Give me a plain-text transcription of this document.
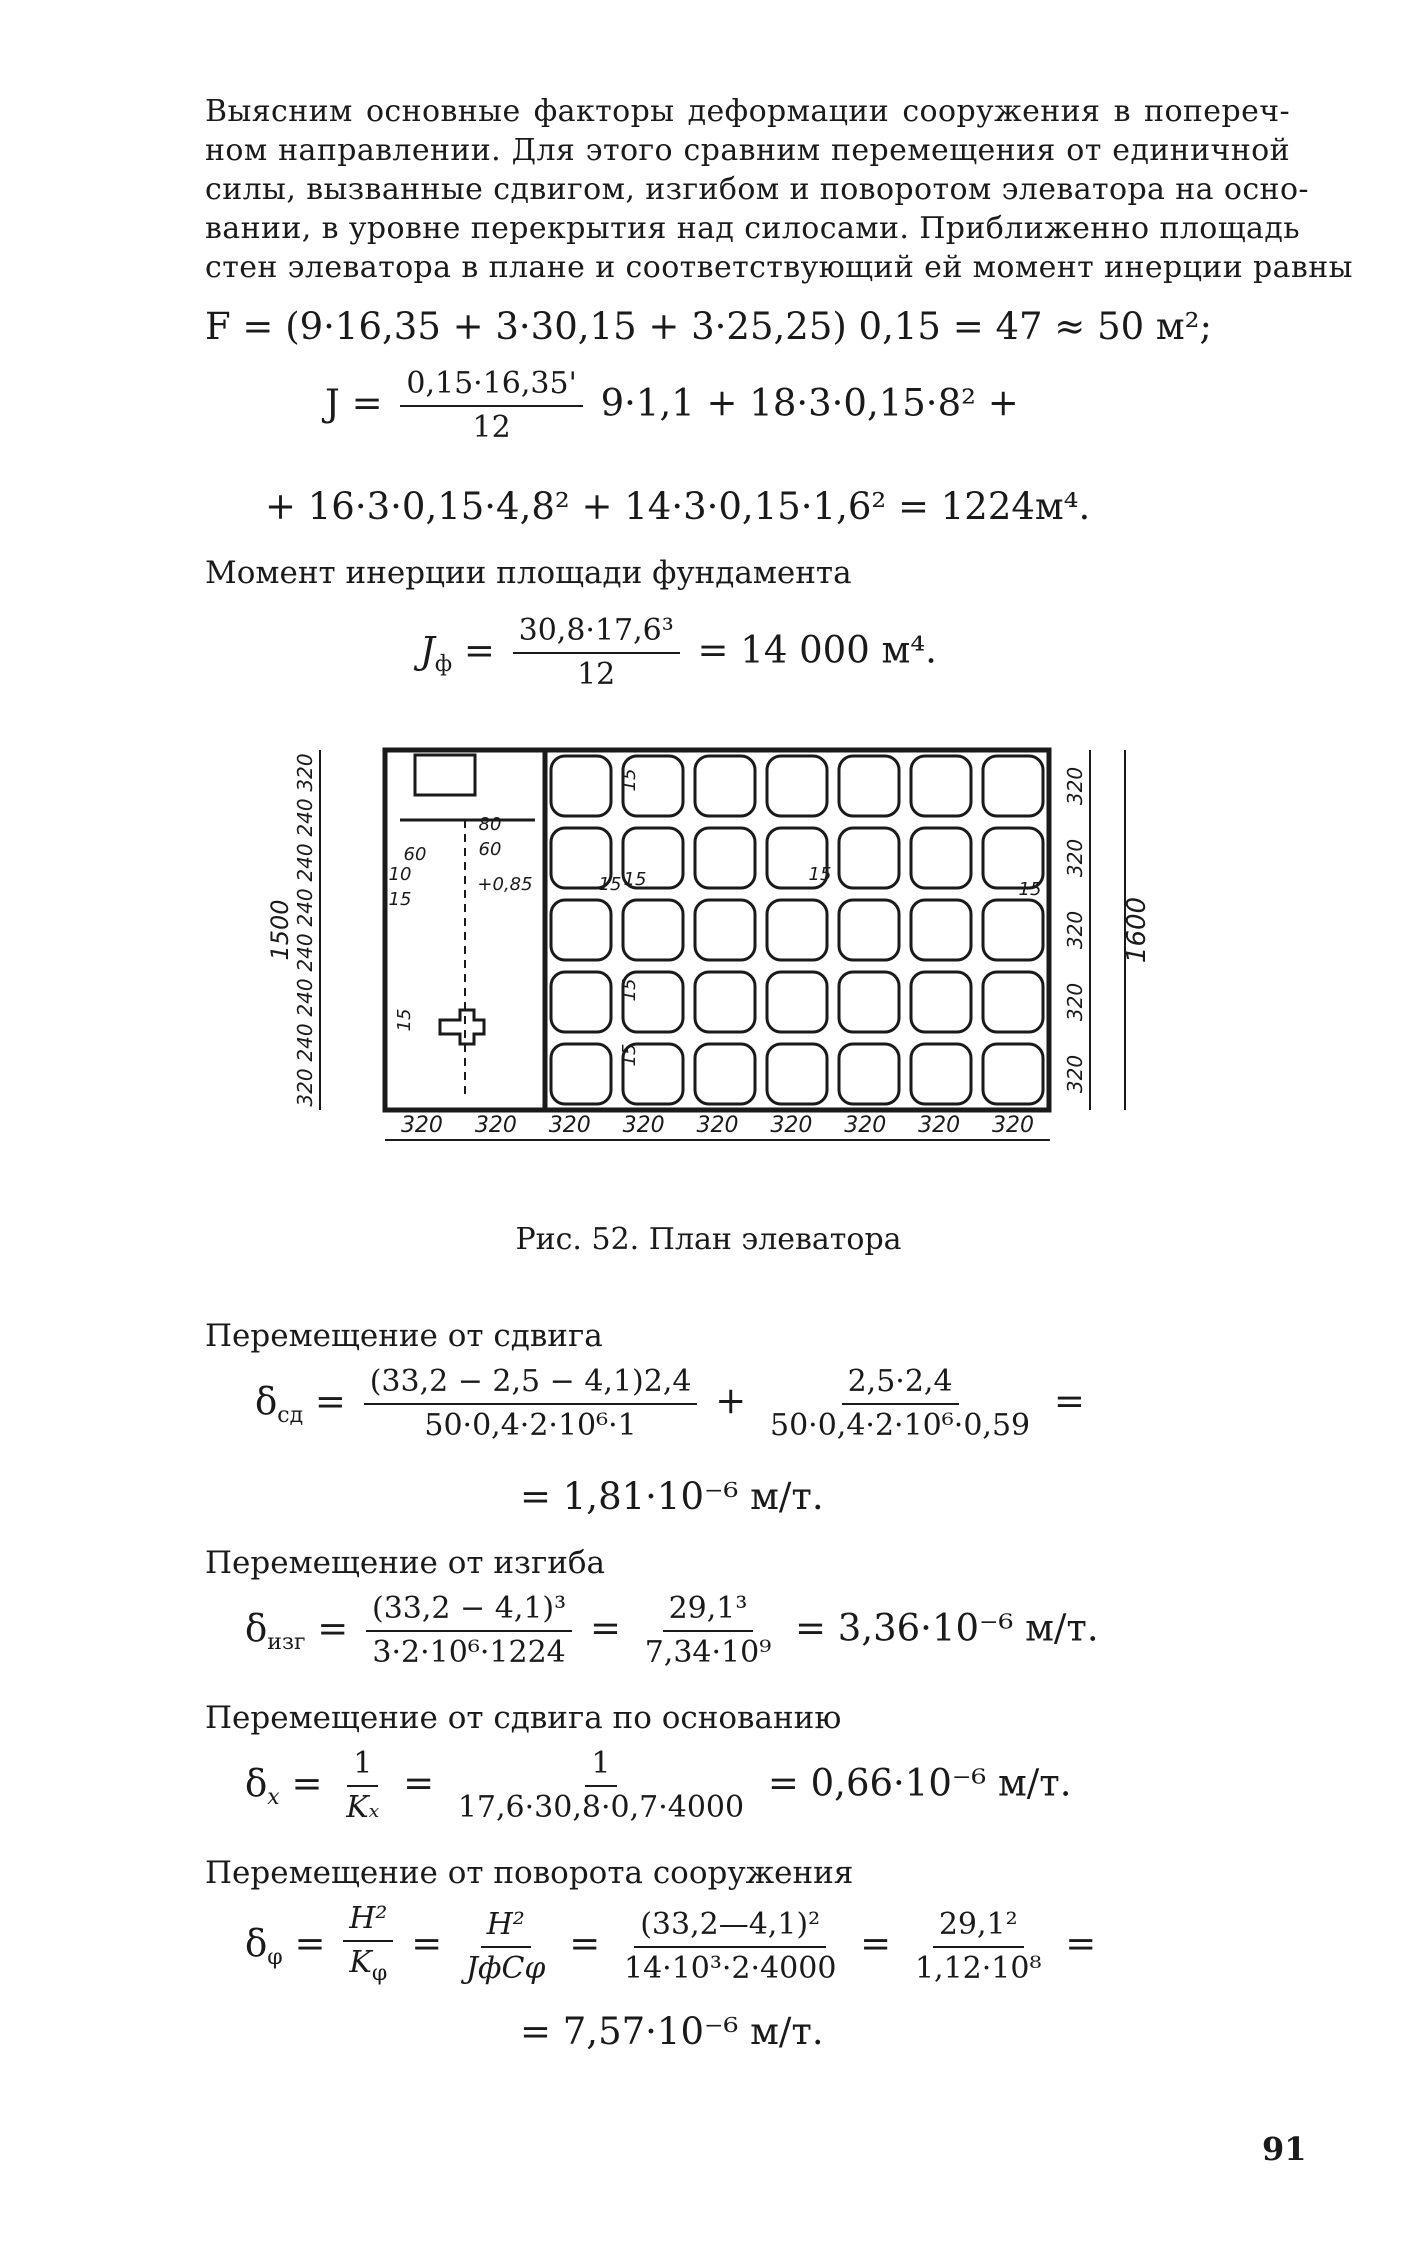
Выясним основные факторы деформации сооружения в попереч-
ном направлении. Для этого сравним перемещения от единичной
силы, вызванные сдвигом, изгибом и поворотом элеватора на осно-
вании, в уровне перекрытия над силосами. Приближенно площадь
стен элеватора в плане и соответствующий ей момент инерции равны
F = (9·16,35 + 3·30,15 + 3·25,25) 0,15 = 47 ≈ 50 м²;
$J = \frac{0,15\cdot 16,35'}{12} 9\cdot 1,1 + 18\cdot 3\cdot 0,15\cdot 8^2$ +
+ 16·3·0,15·4,8² + 14·3·0,15·1,6² = 1224м⁴.
Момент инерции площади фундамента
$J_ф = \frac{\text{30,8·17,6³}}{12} = 14$ 000 м⁴.
320 320 320 320 320 320 320 320 320
320
240
240
240
240
240
240
320
320
320
320
320
320
1500	1600
15
80
60	60
+0,85
10
15
15
15 15	15
15
15
15
Рис. 52. План элеватора
Перемещение от сдвига
$\delta_{сд} = \frac{(33,2 - 2,5 - 4,1)2,4}{\text{50·0,4·2·10⁶·1}} + \frac{2,5\cdot 2,4}{\text{50·0,4·2·10⁶·0,59}}$ =
= 1,81·10⁻⁶ м/т.
Перемещение от изгиба
$\delta_{изг} = \frac{\text{(33,2 − 4,1)³}}{\text{3·2·10⁶·1224}} = \frac{\text{29,1³}}{\text{7,34·10⁹}} = 3,36\cdot 10^{-6}$ м/т.
Перемещение от сдвига по основанию
$\delta_x = \frac{1}{\text{Kₓ}} = \frac{1}{17,6\cdot 30,8\cdot 0,7\cdot 4000} = 0,66\cdot 10^{-6}$ м/т.
Перемещение от поворота сооружения
$\delta_\varphi = \frac{\text{H²}}{K_\varphi} = \frac{\text{H²}}{\text{JфCφ}} = \frac{\text{(33,2—4,1)²}}{\text{14·10³·2·4000}} = \frac{\text{29,1²}}{\text{1,12·10⁸}}$ =
= 7,57·10⁻⁶ м/т.
91
